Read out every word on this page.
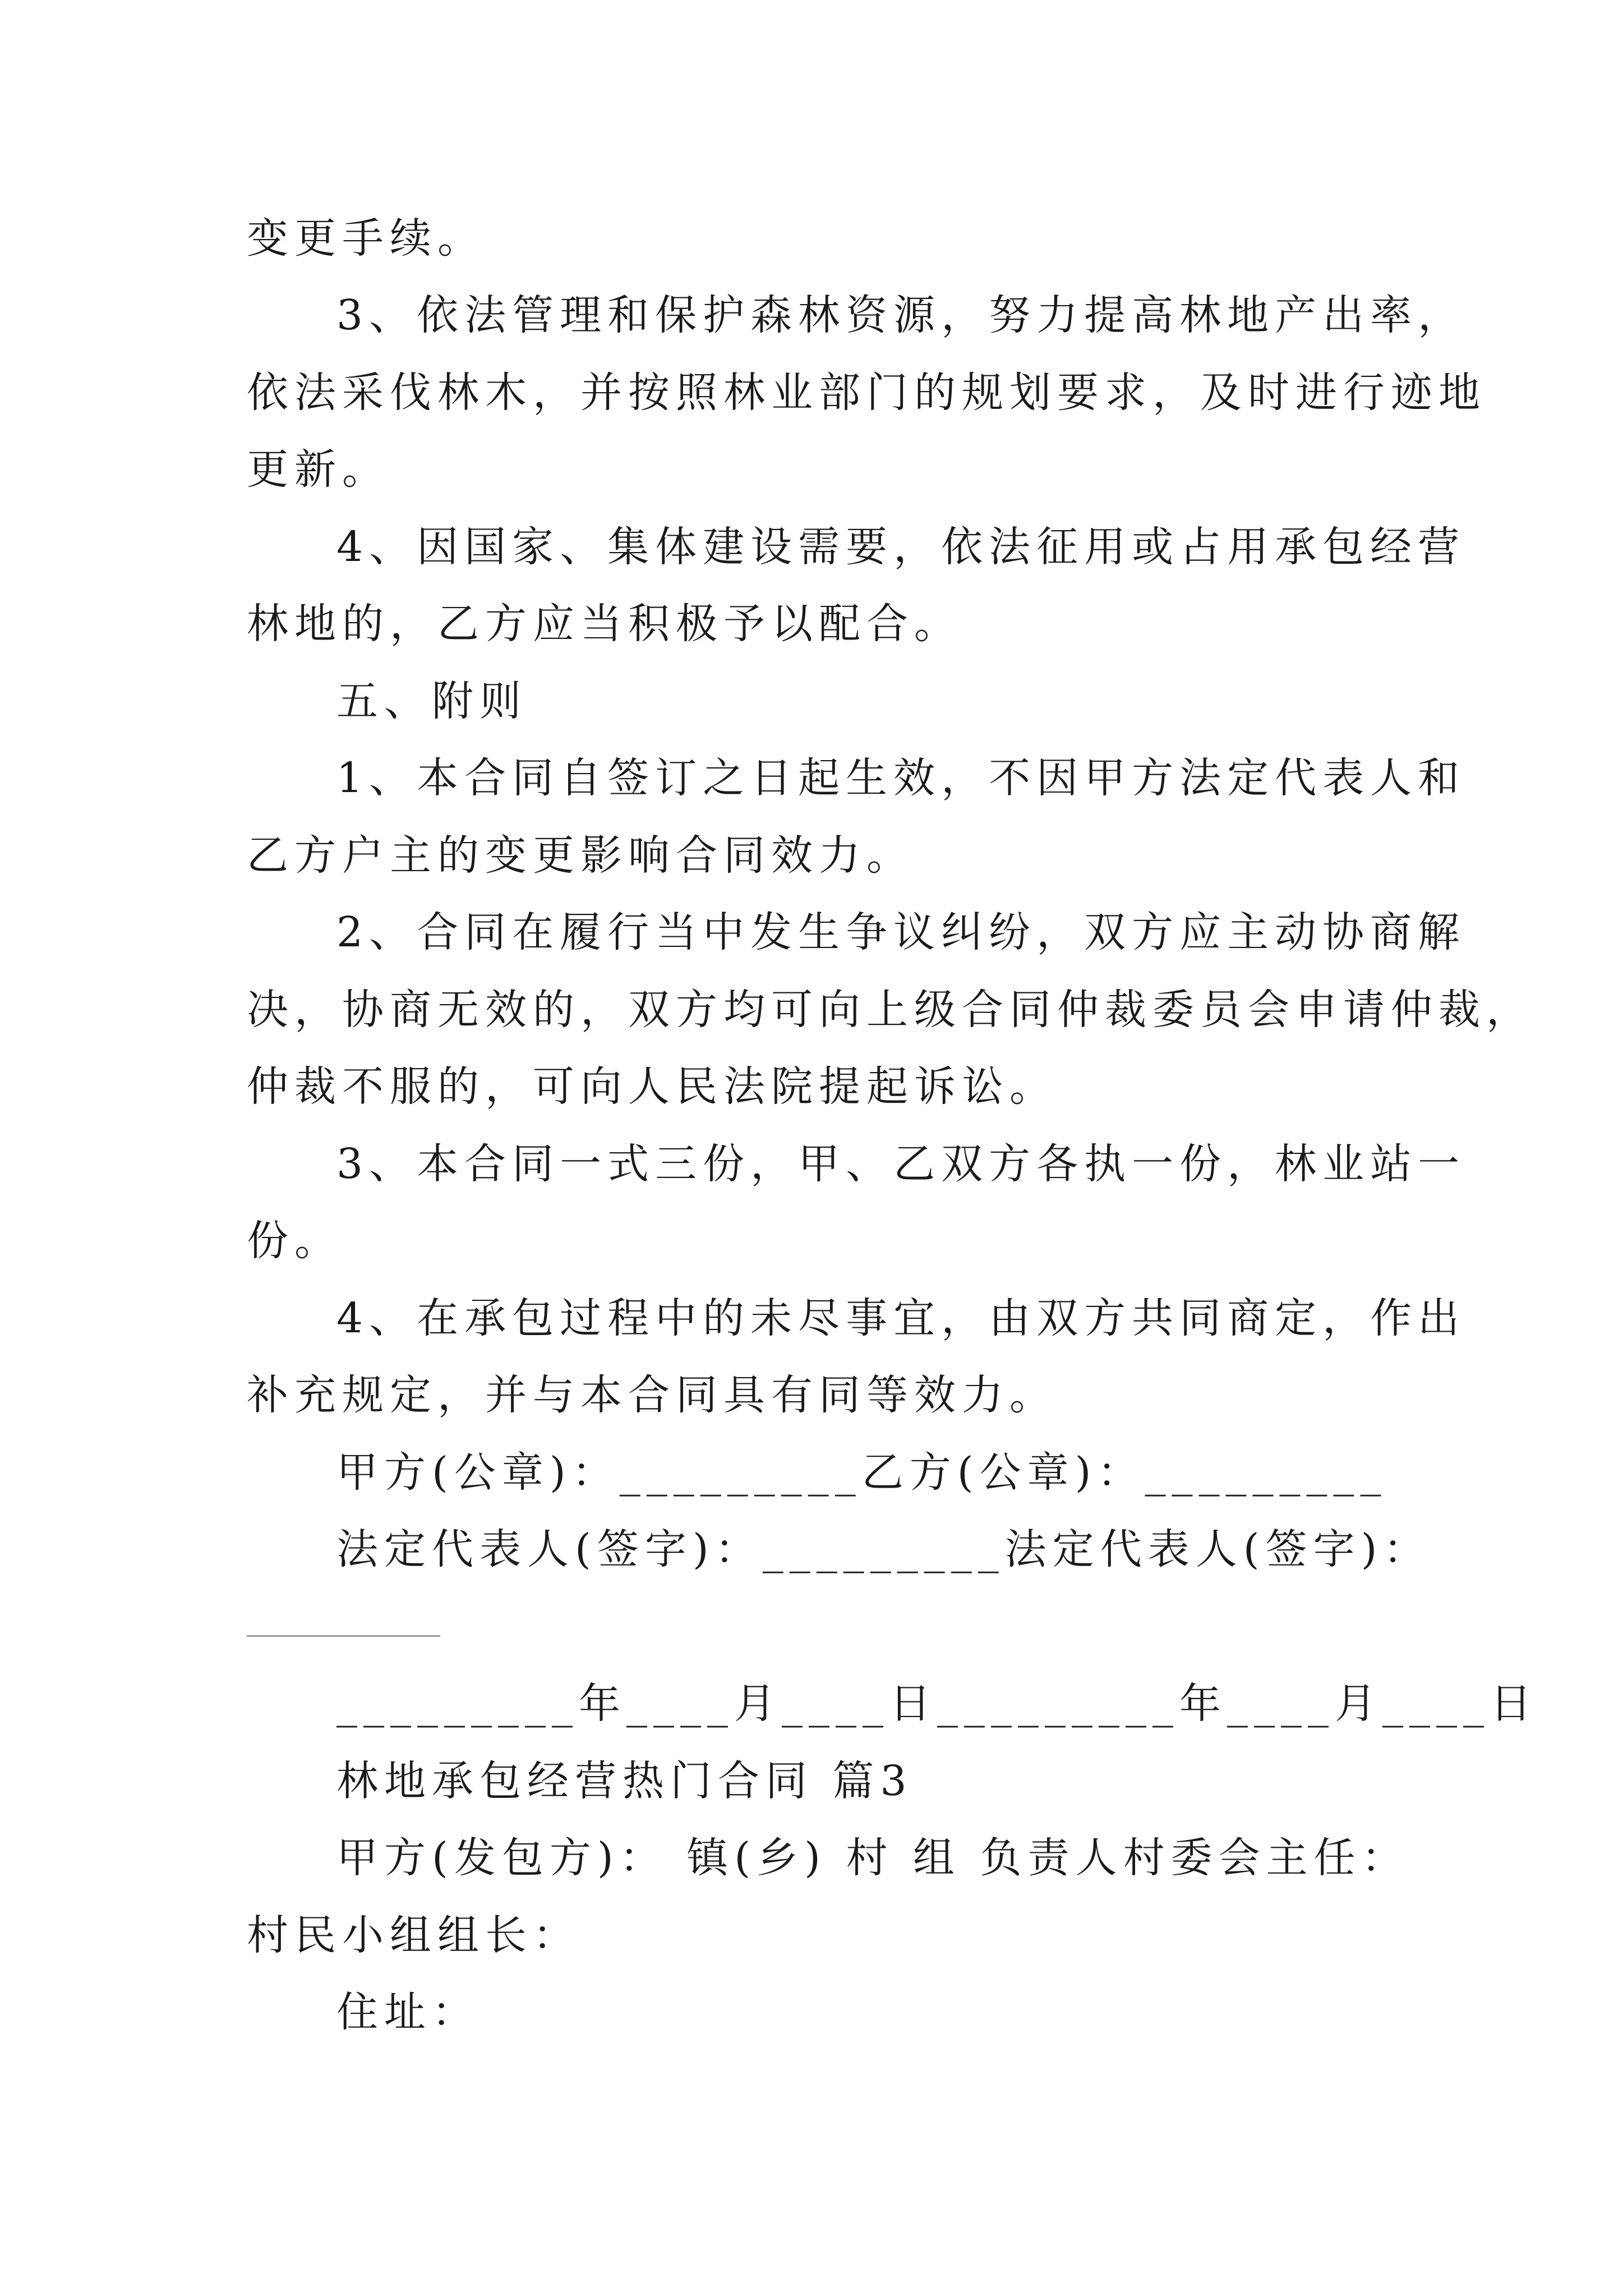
变更手续。
3、依法管理和保护森林资源，努力提高林地产出率，
依法采伐林木，并按照林业部门的规划要求，及时进行迹地
更新。
4、因国家、集体建设需要，依法征用或占用承包经营
林地的，乙方应当积极予以配合。
五、附则
1、本合同自签订之日起生效，不因甲方法定代表人和
乙方户主的变更影响合同效力。
2、合同在履行当中发生争议纠纷，双方应主动协商解
决，协商无效的，双方均可向上级合同仲裁委员会申请仲裁，
仲裁不服的，可向人民法院提起诉讼。
3、本合同一式三份，甲、乙双方各执一份，林业站一
份。
4、在承包过程中的未尽事宜，由双方共同商定，作出
补充规定，并与本合同具有同等效力。
甲方(公章)：_________乙方(公章)：_________
法定代表人(签字)：_________法定代表人(签字)：
_________年____月____日_________年____月____日
林地承包经营热门合同 篇3
甲方(发包方)： 镇(乡) 村 组 负责人村委会主任：
村民小组组长：
住址：
